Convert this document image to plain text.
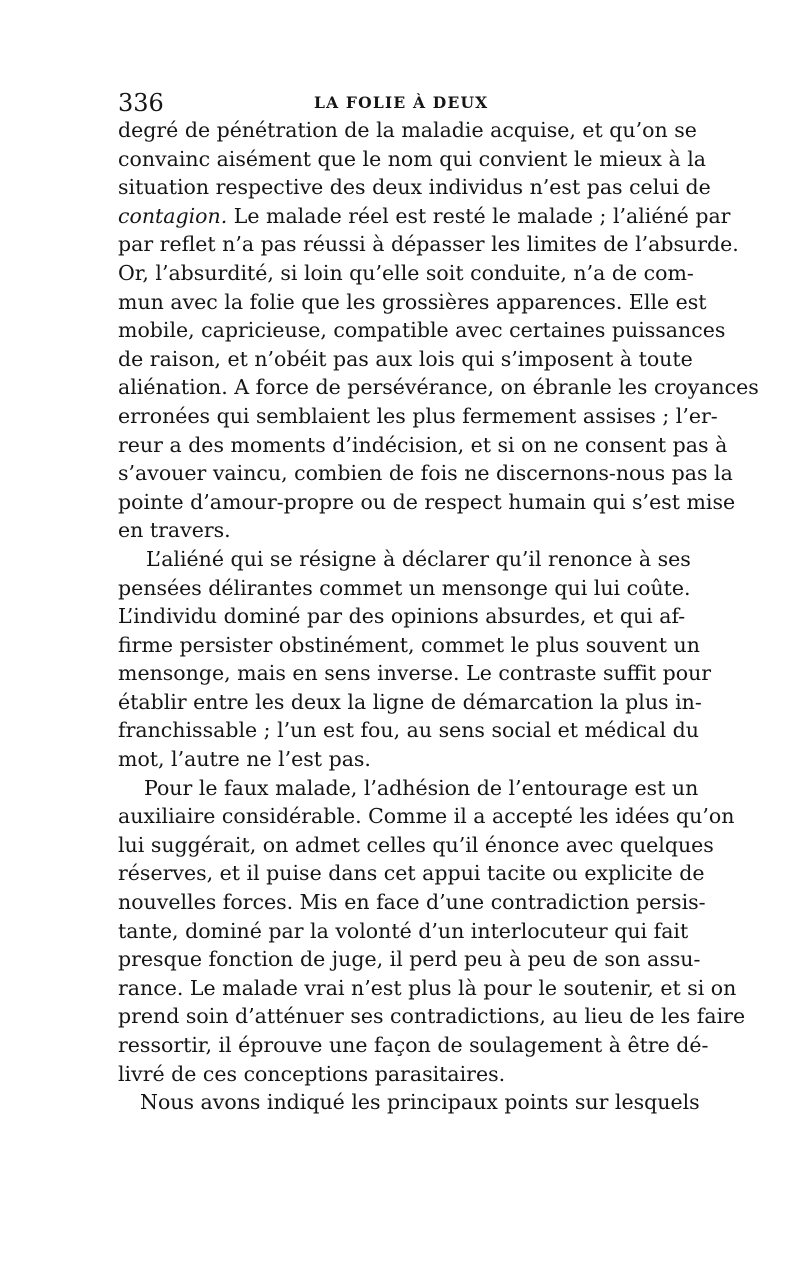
336	LA FOLIE À DEUX
degré de pénétration de la maladie acquise, et qu’on se
convainc aisément que le nom qui convient le mieux à la
situation respective des deux individus n’est pas celui de
contagion. Le malade réel est resté le malade ; l’aliéné par
par reflet n’a pas réussi à dépasser les limites de l’absurde.
Or, l’absurdité, si loin qu’elle soit conduite, n’a de com-
mun avec la folie que les grossières apparences. Elle est
mobile, capricieuse, compatible avec certaines puissances
de raison, et n’obéit pas aux lois qui s’imposent à toute
aliénation. A force de persévérance, on ébranle les croyances
erronées qui semblaient les plus fermement assises ; l’er-
reur a des moments d’indécision, et si on ne consent pas à
s’avouer vaincu, combien de fois ne discernons-nous pas la
pointe d’amour-propre ou de respect humain qui s’est mise
en travers.
L’aliéné qui se résigne à déclarer qu’il renonce à ses
pensées délirantes commet un mensonge qui lui coûte.
L’individu dominé par des opinions absurdes, et qui af-
firme persister obstinément, commet le plus souvent un
mensonge, mais en sens inverse. Le contraste suffit pour
établir entre les deux la ligne de démarcation la plus in-
franchissable ; l’un est fou, au sens social et médical du
mot, l’autre ne l’est pas.
Pour le faux malade, l’adhésion de l’entourage est un
auxiliaire considérable. Comme il a accepté les idées qu’on
lui suggérait, on admet celles qu’il énonce avec quelques
réserves, et il puise dans cet appui tacite ou explicite de
nouvelles forces. Mis en face d’une contradiction persis-
tante, dominé par la volonté d’un interlocuteur qui fait
presque fonction de juge, il perd peu à peu de son assu-
rance. Le malade vrai n’est plus là pour le soutenir, et si on
prend soin d’atténuer ses contradictions, au lieu de les faire
ressortir, il éprouve une façon de soulagement à être dé-
livré de ces conceptions parasitaires.
Nous avons indiqué les principaux points sur lesquels
